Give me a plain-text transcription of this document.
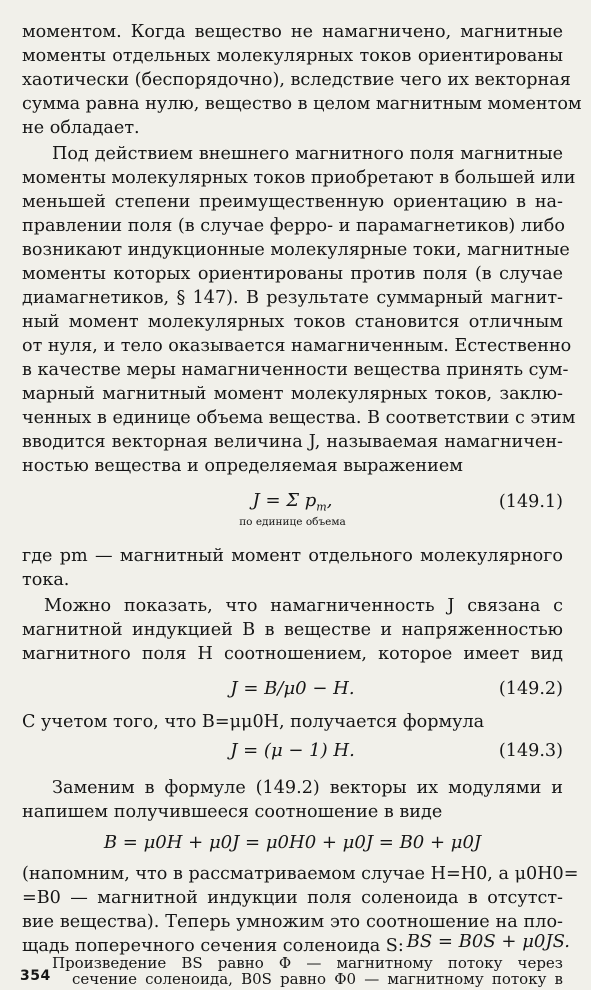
моментом. Когда вещество не намагничено, магнитные
моменты отдельных молекулярных токов ориентированы
хаотически (беспорядочно), вследствие чего их векторная
сумма равна нулю, вещество в целом магнитным моментом
не обладает.
Под действием внешнего магнитного поля магнитные
моменты молекулярных токов приобретают в большей или
меньшей степени преимущественную ориентацию в на-
правлении поля (в случае ферро- и парамагнетиков) либо
возникают индукционные молекулярные токи, магнитные
моменты которых ориентированы против поля (в случае
диамагнетиков, § 147). В результате суммарный магнит-
ный момент молекулярных токов становится отличным
от нуля, и тело оказывается намагниченным. Естественно
в качестве меры намагниченности вещества принять сум-
марный магнитный момент молекулярных токов, заклю-
ченных в единице объема вещества. В соответствии с этим
вводится векторная величина J, называемая намагничен-
ностью вещества и определяемая выражением
J = Σ $p_m$,
по единице объема
(149.1)
где pm — магнитный момент отдельного молекулярного
тока.
Можно показать, что намагниченность J связана с
магнитной индукцией B в веществе и напряженностью
магнитного поля H соотношением, которое имеет вид
J = B/μ0 − H.	(149.2)
С учетом того, что B=μμ0H, получается формула
J = (μ − 1) H.	(149.3)
Заменим в формуле (149.2) векторы их модулями и
напишем получившееся соотношение в виде
B = μ0H + μ0J = μ0H0 + μ0J = B0 + μ0J
(напомним, что в рассматриваемом случае H=H0, а μ0H0=
=B0 — магнитной индукции поля соленоида в отсутст-
вие вещества). Теперь умножим это соотношение на пло-
щадь поперечного сечения соленоида S: BS = B0S + μ0JS.
Произведение BS равно Φ — магнитному потоку через
сечение соленоида, B0S равно Φ0 — магнитному потоку в
354
